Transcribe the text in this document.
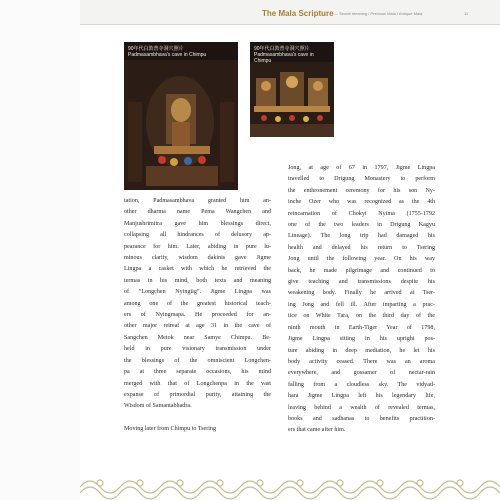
The Mala Scripture — Secret meaning / Precious Mala / Antique Mala	11
90年代白敦普寺洞穴照片
Padmasambhava's cave in Chimpu
90年代白敦普寺洞穴照片
Padmasambhava's cave in Chimpu
tation, Padmasambhava granted him an-
other dharma name Pema Wangchen and
Manjushrimitra gave him blessings direct,
collapsing all hindrances of delusory ap-
pearance for him. Later, abiding in pure lu-
minous clarity, wisdom dakinis gave Jigme
Lingpa a casket with which he retrieved the
termas in his mind, both texts and meaning
of “Longchen Nyingtig”. Jigme Lingpa was
among one of the greatest historical teach-
ers of Nyingmapa. He proceeded for an-
other major retreat at age 31 in the cave of
Sangchen Metok near Samye Chimpu. Be-
held in pure visionary transmission under
the blessings of the omniscient Longchen-
pa at three separate occasions, his mind
merged with that of Longchenpa in the vast
expanse of primordial purity, attaining the
Wisdom of Samantabhadra.

Moving later from Chimpu to Tsering
Jong, at age of 67 in 1797, Jigme Lingpa
travelled to Drigung Monastery to perform
the enthronement ceremony for his son Ny-
inche Ozer who was recognized as the 4th
reincarnation of Chokyi Nyima (1755-1792
one of the two leaders in Drigung Kagyu
Lineage). The long trip had damaged his
health and delayed his return to Tsering
Jong until the following year. On his way
back, he made pilgrimage and continued to
give teaching and transmissions despite his
weakening body. Finally he arrived at Tser-
ing Jong and fell ill. After imparting a prac-
tice on White Tara, on the third day of the
ninth mouth in Earth-Tiger Year of 1798,
Jigme Lingpa sitting in his upright pos-
ture abiding in deep mediation, he let his
body activity ceased. There was an aroma
everywhere, and gossamer of nectar-rain
falling from a cloudless sky. The vidyad-
hara Jigme Lingpa left his legendary life,
leaving behind a wealth of revealed termas,
books and sadhanas to benefits practition-
ers that came after him.
